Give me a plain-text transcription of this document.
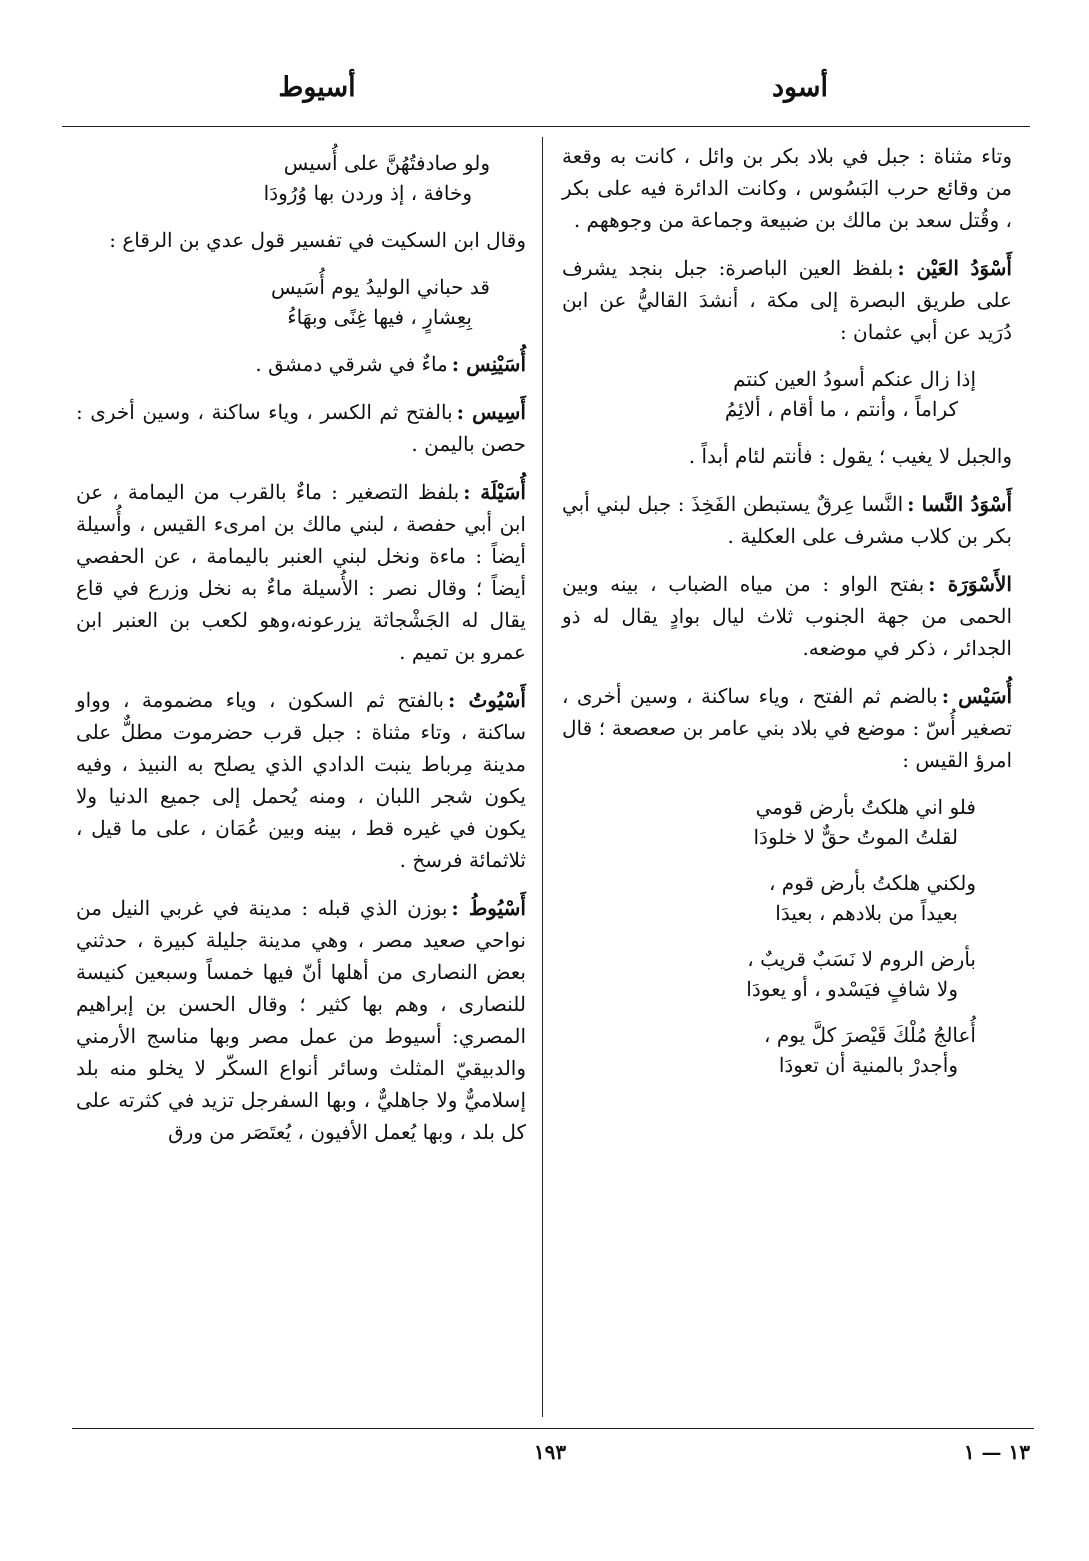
أسود
أسيوط

وتاء مثناة : جبل في بلاد بكر بن وائل ، كانت به وقعة من وقائع حرب البَسُوس ، وكانت الدائرة فيه على بكر ، وقُتل سعد بن مالك بن ضبيعة وجماعة من وجوههم .

أَسْوَدُ العَيْن :بلفظ العين الباصرة: جبل بنجد يشرف على طريق البصرة إلى مكة ، أنشدَ القاليُّ عن ابن دُرَيد عن أبي عثمان :

إذا زال عنكم أسودُ العين كنتم
كراماً ، وأنتم ، ما أقام ، ألائِمُ

والجبل لا يغيب ؛ يقول : فأنتم لئام أبداً .

أَسْوَدُ النَّسا :النَّسا عِرقٌ يستبطن الفَخِذَ : جبل لبني أبي بكر بن كلاب مشرف على العكلية .

الأَسْوَرَة :بفتح الواو : من مياه الضباب ، بينه وبين الحمى من جهة الجنوب ثلاث ليال بوادٍ يقال له ذو الجدائر ، ذكر في موضعه.

أُسَيْس :بالضم ثم الفتح ، وياء ساكنة ، وسين أخرى ، تصغير أُسّ : موضع في بلاد بني عامر بن صعصعة ؛ قال امرؤ القيس :

فلو اني هلكتُ بأرض قومي
لقلتُ الموتُ حقٌّ لا خلودَا
ولكني هلكتُ بأرض قوم ،
بعيداً من بلادهم ، بعيدَا
بأرض الروم لا نَسَبٌ قريبٌ ،
ولا شافٍ فيَسْدو ، أو يعودَا
أُعالجُ مُلْكَ قَيْصرَ كلَّ يوم ،
وأجدرْ بالمنية أن تعودَا
ولو صادفتُهُنَّ على أُسيس
وخافة ، إذ وردن بها وُرُودَا

وقال ابن السكيت في تفسير قول عدي بن الرقاع :

قد حباني الوليدُ يوم أُسَيس
بِعِشارٍ ، فيها غِنًى وبهَاءُ

أُسَيْنِس :ماءٌ في شرقي دمشق .

أَسِيس :بالفتح ثم الكسر ، وياء ساكنة ، وسين أخرى : حصن باليمن .

أُسَيْلَة :بلفظ التصغير : ماءٌ بالقرب من اليمامة ، عن ابن أبي حفصة ، لبني مالك بن امرىء القيس ، وأُسيلة أيضاً : ماءة ونخل لبني العنبر باليمامة ، عن الحفصي أيضاً ؛ وقال نصر : الأُسيلة ماءٌ به نخل وزرع في قاع يقال له الجَشْجاثة يزرعونه،وهو لكعب بن العنبر ابن عمرو بن تميم .

أَسْيُوتُ :بالفتح ثم السكون ، وياء مضمومة ، وواو ساكنة ، وتاء مثناة : جبل قرب حضرموت مطلٌّ على مدينة مِرباط ينبت الدادي الذي يصلح به النبيذ ، وفيه يكون شجر اللبان ، ومنه يُحمل إلى جميع الدنيا ولا يكون في غيره قط ، بينه وبين عُمَان ، على ما قيل ، ثلاثمائة فرسخ .

أَسْيُوطُ :بوزن الذي قبله : مدينة في غربي النيل من نواحي صعيد مصر ، وهي مدينة جليلة كبيرة ، حدثني بعض النصارى من أهلها أنّ فيها خمساً وسبعين كنيسة للنصارى ، وهم بها كثير ؛ وقال الحسن بن إبراهيم المصري: أسيوط من عمل مصر وبها مناسج الأرمني والدبيقيّ المثلث وسائر أنواع السكّر لا يخلو منه بلد إسلاميٌّ ولا جاهليٌّ ، وبها السفرجل تزيد في كثرته على كل بلد ، وبها يُعمل الأفيون ، يُعتَصَر من ورق

١٩٣	١٣ — ١
